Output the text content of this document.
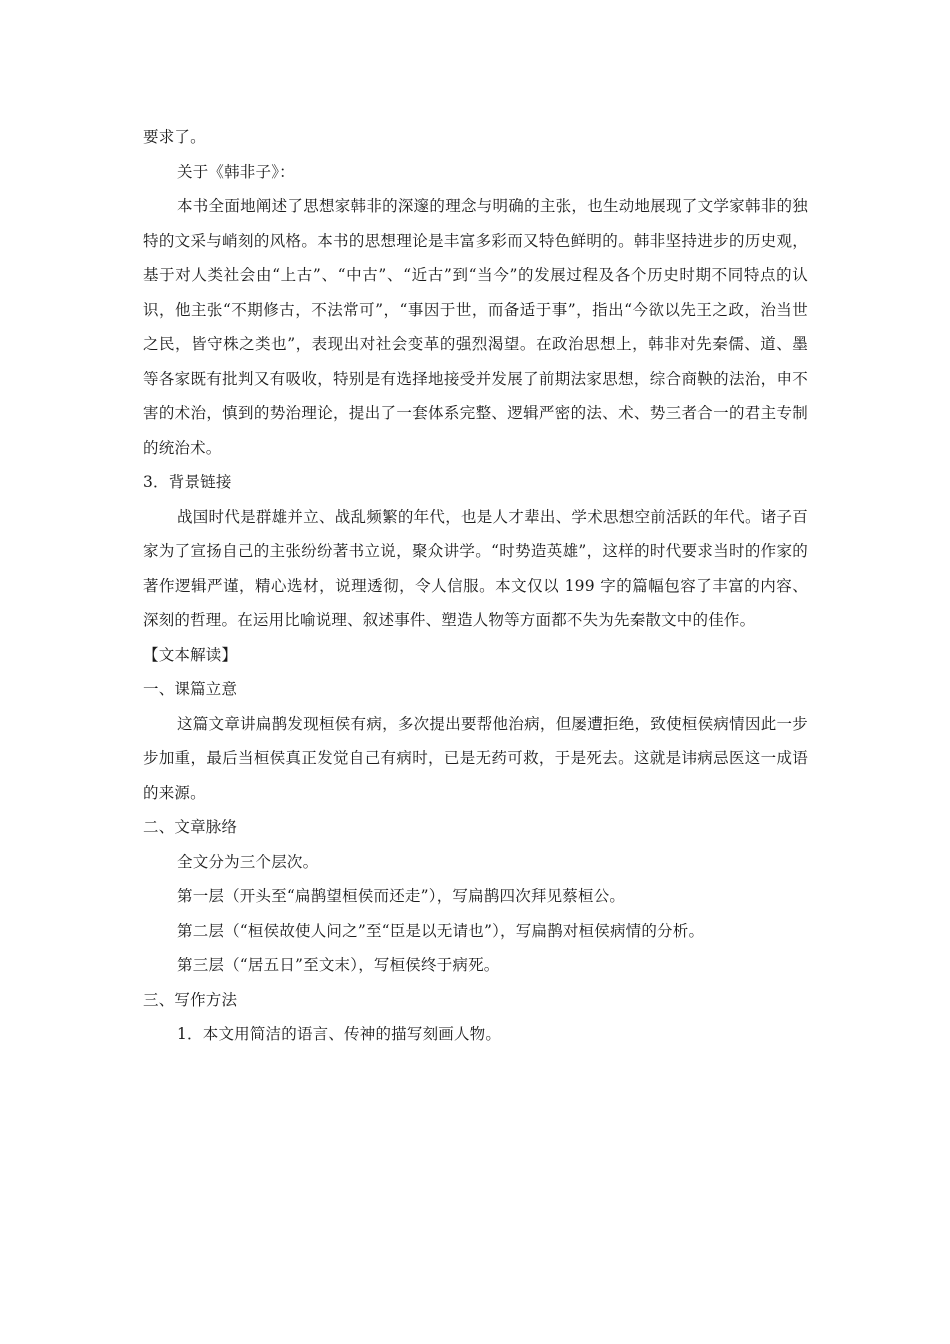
要求了。

关于《韩非子》：

本书全面地阐述了思想家韩非的深邃的理念与明确的主张，也生动地展现了文学家韩非的独特的文采与峭刻的风格。本书的思想理论是丰富多彩而又特色鲜明的。韩非坚持进步的历史观，基于对人类社会由“上古”、“中古”、“近古”到“当今”的发展过程及各个历史时期不同特点的认识，他主张“不期修古，不法常可”，“事因于世，而备适于事”，指出“今欲以先王之政，治当世之民，皆守株之类也”，表现出对社会变革的强烈渴望。在政治思想上，韩非对先秦儒、道、墨等各家既有批判又有吸收，特别是有选择地接受并发展了前期法家思想，综合商鞅的法治，申不害的术治，慎到的势治理论，提出了一套体系完整、逻辑严密的法、术、势三者合一的君主专制的统治术。

3．背景链接

战国时代是群雄并立、战乱频繁的年代，也是人才辈出、学术思想空前活跃的年代。诸子百家为了宣扬自己的主张纷纷著书立说，聚众讲学。“时势造英雄”，这样的时代要求当时的作家的著作逻辑严谨，精心选材，说理透彻，令人信服。本文仅以 199 字的篇幅包容了丰富的内容、深刻的哲理。在运用比喻说理、叙述事件、塑造人物等方面都不失为先秦散文中的佳作。

【文本解读】

一、课篇立意

这篇文章讲扁鹊发现桓侯有病，多次提出要帮他治病，但屡遭拒绝，致使桓侯病情因此一步步加重，最后当桓侯真正发觉自己有病时，已是无药可救，于是死去。这就是讳病忌医这一成语的来源。

二、文章脉络

全文分为三个层次。

第一层（开头至“扁鹊望桓侯而还走”），写扁鹊四次拜见蔡桓公。

第二层（“桓侯故使人问之”至“臣是以无请也”），写扁鹊对桓侯病情的分析。

第三层（“居五日”至文末），写桓侯终于病死。

三、写作方法

1．本文用简洁的语言、传神的描写刻画人物。
